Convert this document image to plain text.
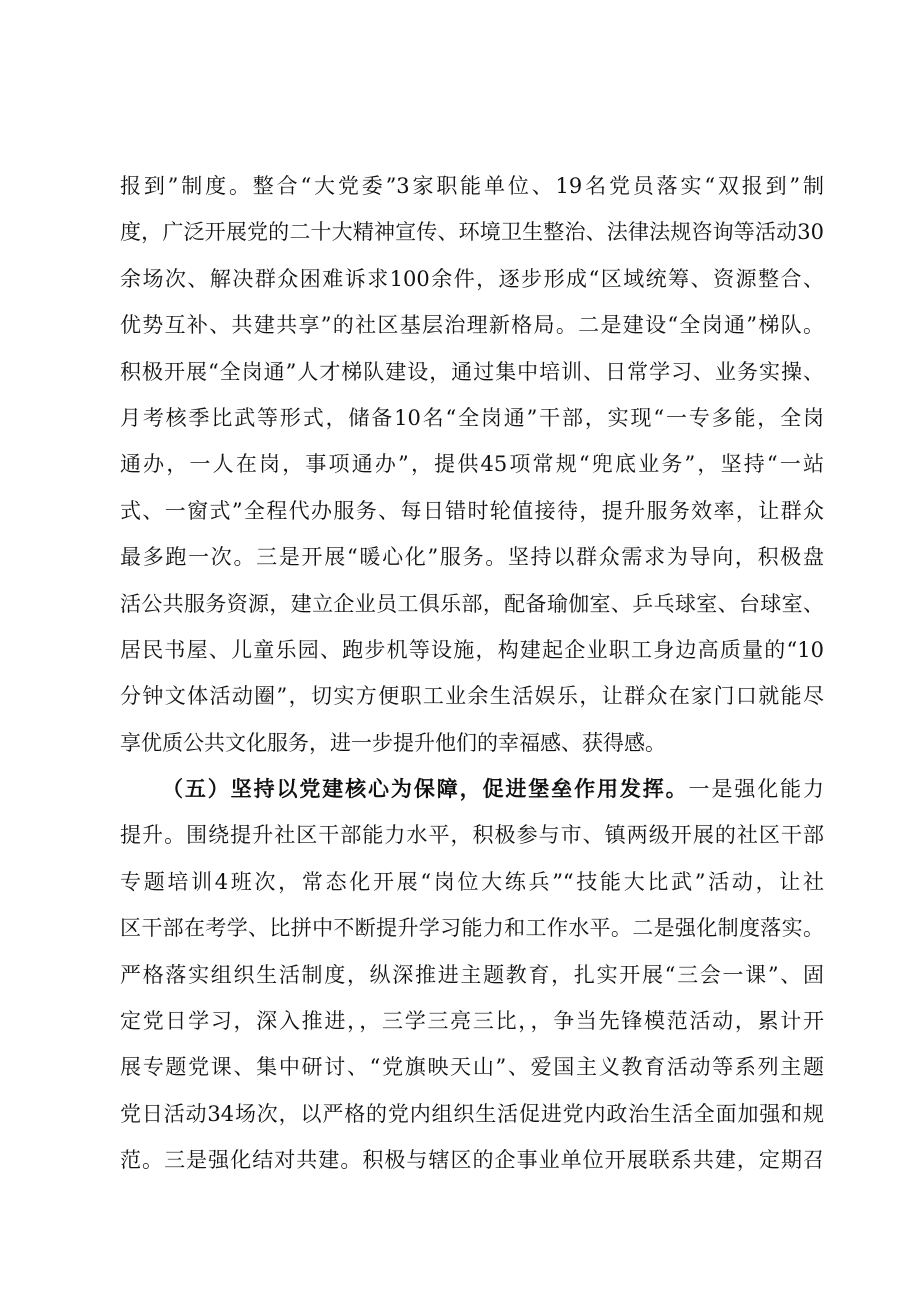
报到”制度。整合“大党委”3家职能单位、19名党员落实“双报到”制
度，广泛开展党的二十大精神宣传、环境卫生整治、法律法规咨询等活动30
余场次、解决群众困难诉求100余件，逐步形成“区域统筹、资源整合、
优势互补、共建共享”的社区基层治理新格局。二是建设“全岗通”梯队。
积极开展“全岗通”人才梯队建设，通过集中培训、日常学习、业务实操、
月考核季比武等形式，储备10名“全岗通”干部，实现“一专多能，全岗
通办，一人在岗，事项通办”，提供45项常规“兜底业务”，坚持“一站
式、一窗式”全程代办服务、每日错时轮值接待，提升服务效率，让群众
最多跑一次。三是开展“暖心化”服务。坚持以群众需求为导向，积极盘
活公共服务资源，建立企业员工俱乐部，配备瑜伽室、乒乓球室、台球室、
居民书屋、儿童乐园、跑步机等设施，构建起企业职工身边高质量的“10
分钟文体活动圈”，切实方便职工业余生活娱乐，让群众在家门口就能尽
享优质公共文化服务，进一步提升他们的幸福感、获得感。
（五）坚持以党建核心为保障，促进堡垒作用发挥。一是强化能力
提升。围绕提升社区干部能力水平，积极参与市、镇两级开展的社区干部
专题培训4班次，常态化开展“岗位大练兵”“技能大比武”活动，让社
区干部在考学、比拼中不断提升学习能力和工作水平。二是强化制度落实。
严格落实组织生活制度，纵深推进主题教育，扎实开展“三会一课”、固
定党日学习，深入推进，，三学三亮三比，，争当先锋模范活动，累计开
展专题党课、集中研讨、“党旗映天山”、爱国主义教育活动等系列主题
党日活动34场次，以严格的党内组织生活促进党内政治生活全面加强和规
范。三是强化结对共建。积极与辖区的企事业单位开展联系共建，定期召
